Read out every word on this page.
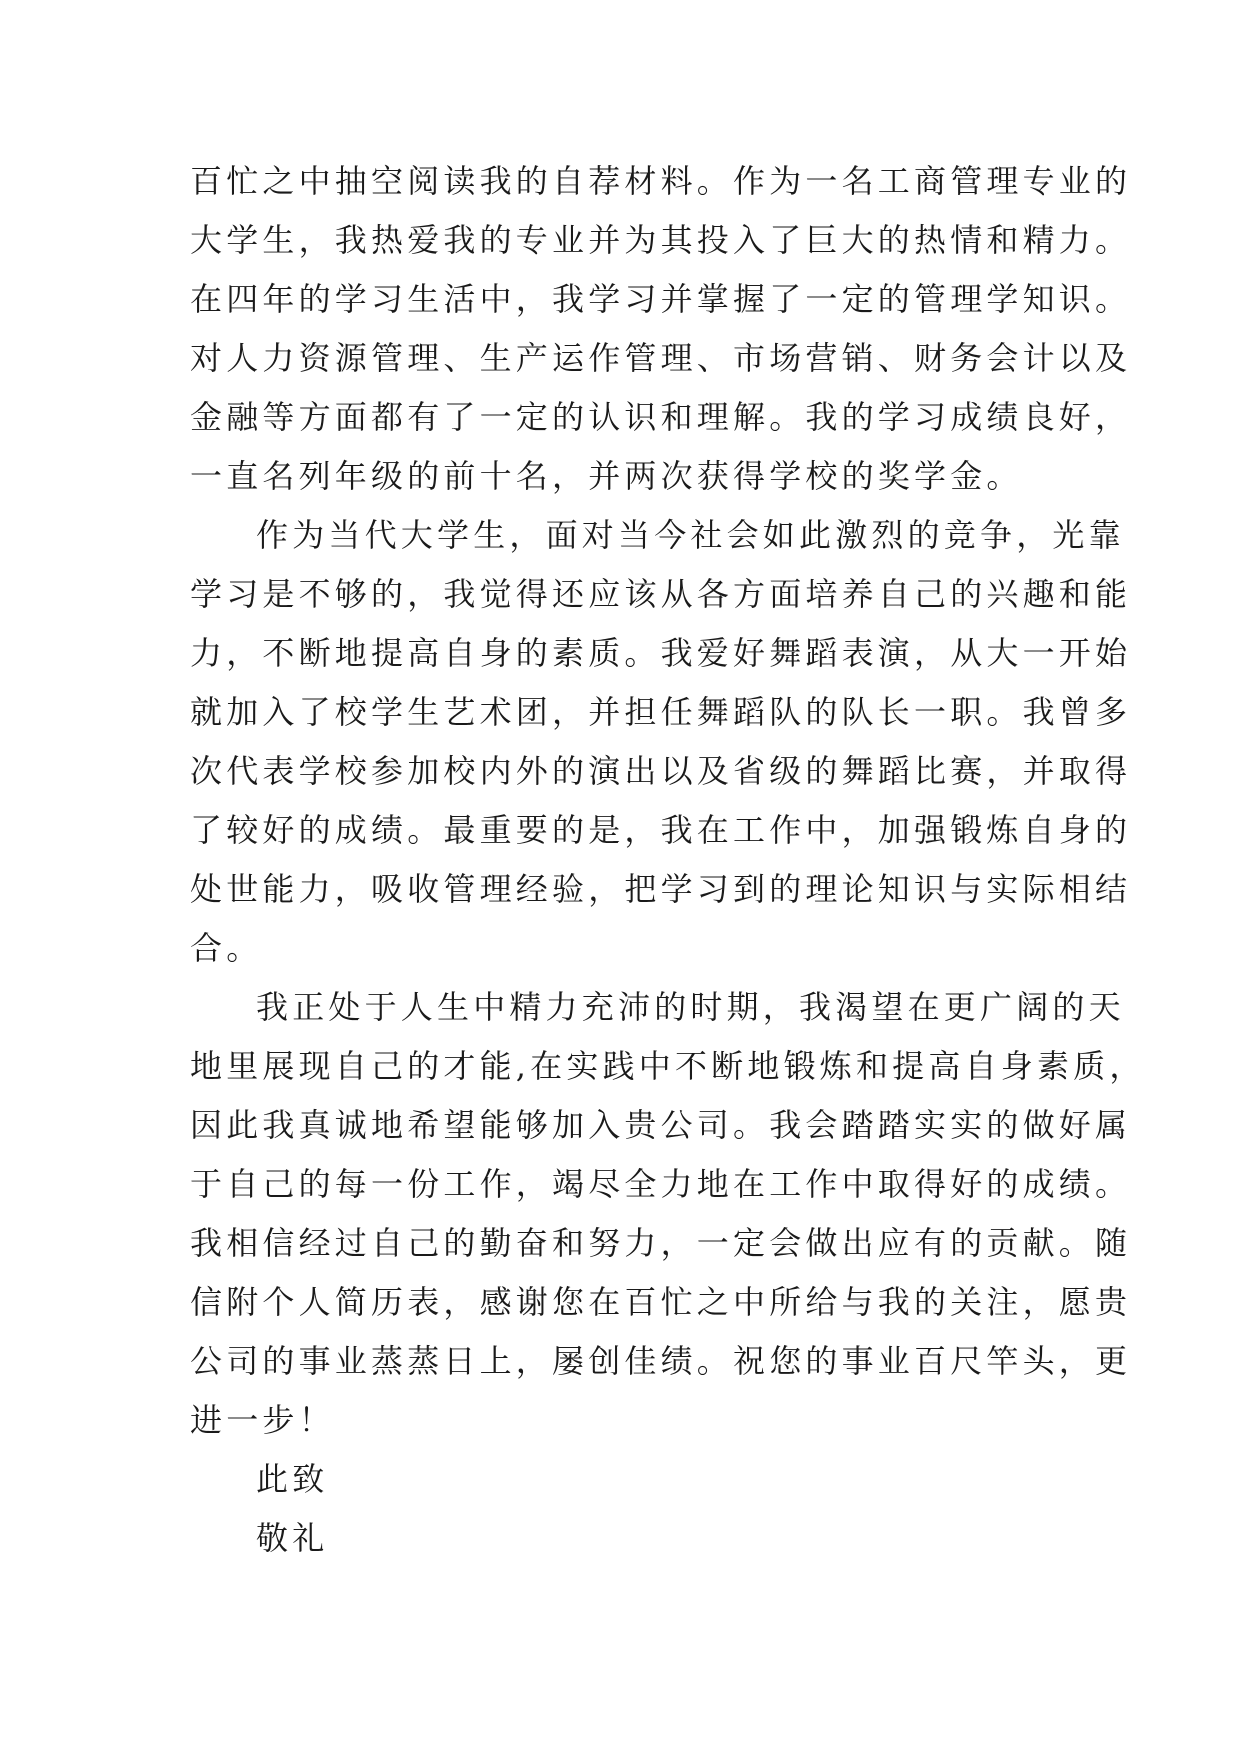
百忙之中抽空阅读我的自荐材料。作为一名工商管理专业的
大学生，我热爱我的专业并为其投入了巨大的热情和精力。
在四年的学习生活中，我学习并掌握了一定的管理学知识。
对人力资源管理、生产运作管理、市场营销、财务会计以及
金融等方面都有了一定的认识和理解。我的学习成绩良好，
一直名列年级的前十名，并两次获得学校的奖学金。
作为当代大学生，面对当今社会如此激烈的竞争，光靠
学习是不够的，我觉得还应该从各方面培养自己的兴趣和能
力，不断地提高自身的素质。我爱好舞蹈表演，从大一开始
就加入了校学生艺术团，并担任舞蹈队的队长一职。我曾多
次代表学校参加校内外的演出以及省级的舞蹈比赛，并取得
了较好的成绩。最重要的是，我在工作中，加强锻炼自身的
处世能力，吸收管理经验，把学习到的理论知识与实际相结
合。
我正处于人生中精力充沛的时期，我渴望在更广阔的天
地里展现自己的才能,在实践中不断地锻炼和提高自身素质，
因此我真诚地希望能够加入贵公司。我会踏踏实实的做好属
于自己的每一份工作，竭尽全力地在工作中取得好的成绩。
我相信经过自己的勤奋和努力，一定会做出应有的贡献。随
信附个人简历表，感谢您在百忙之中所给与我的关注，愿贵
公司的事业蒸蒸日上，屡创佳绩。祝您的事业百尺竿头，更
进一步！
此致
敬礼
